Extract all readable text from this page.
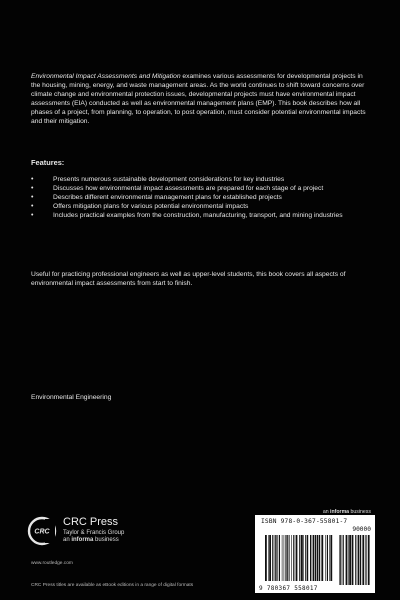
Environmental Impact Assessments and Mitigation examines various assessments for developmental projects in the housing, mining, energy, and waste management areas. As the world continues to shift toward concerns over climate change and environmental protection issues, developmental projects must have environmental impact assessments (EIA) conducted as well as environmental management plans (EMP). This book describes how all phases of a project, from planning, to operation, to post operation, must consider potential environmental impacts and their mitigation.
Features:
• Presents numerous sustainable development considerations for key industries
• Discusses how environmental impact assessments are prepared for each stage of a project
• Describes different environmental management plans for established projects
• Offers mitigation plans for various potential environmental impacts
• Includes practical examples from the construction, manufacturing, transport, and mining industries
Useful for practicing professional engineers as well as upper-level students, this book covers all aspects of environmental impact assessments from start to finish.
Environmental Engineering
CRC
CRC Press
Taylor & Francis Group
an informa business
www.routledge.com
CRC Press titles are available as eBook editions in a range of digital formats
an informa business
ISBN 978-0-367-55801-7
90000
9 780367 558017
